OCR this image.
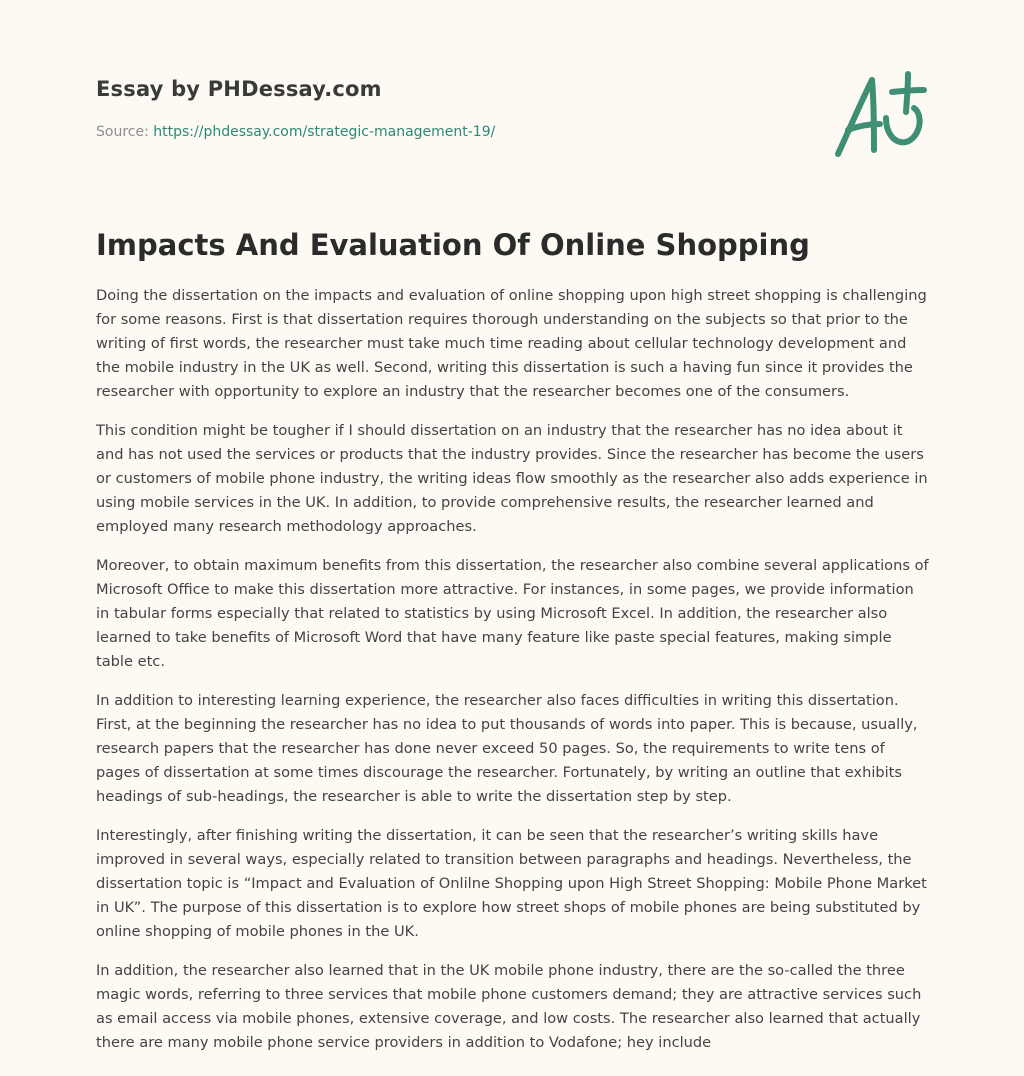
Essay by PHDessay.com
Source: https://phdessay.com/strategic-management-19/
Impacts And Evaluation Of Online Shopping

Doing the dissertation on the impacts and evaluation of online shopping upon high street shopping is challenging for some reasons. First is that dissertation requires thorough understanding on the subjects so that prior to the writing of first words, the researcher must take much time reading about cellular technology development and the mobile industry in the UK as well. Second, writing this dissertation is such a having fun since it provides the researcher with opportunity to explore an industry that the researcher becomes one of the consumers.

This condition might be tougher if I should dissertation on an industry that the researcher has no idea about it and has not used the services or products that the industry provides. Since the researcher has become the users or customers of mobile phone industry, the writing ideas flow smoothly as the researcher also adds experience in using mobile services in the UK. In addition, to provide comprehensive results, the researcher learned and employed many research methodology approaches.

Moreover, to obtain maximum benefits from this dissertation, the researcher also combine several applications of Microsoft Office to make this dissertation more attractive. For instances, in some pages, we provide information in tabular forms especially that related to statistics by using Microsoft Excel. In addition, the researcher also learned to take benefits of Microsoft Word that have many feature like paste special features, making simple table etc.

In addition to interesting learning experience, the researcher also faces difficulties in writing this dissertation. First, at the beginning the researcher has no idea to put thousands of words into paper. This is because, usually, research papers that the researcher has done never exceed 50 pages. So, the requirements to write tens of pages of dissertation at some times discourage the researcher. Fortunately, by writing an outline that exhibits headings of sub-headings, the researcher is able to write the dissertation step by step.

Interestingly, after finishing writing the dissertation, it can be seen that the researcher’s writing skills have improved in several ways, especially related to transition between paragraphs and headings. Nevertheless, the dissertation topic is “Impact and Evaluation of Onlilne Shopping upon High Street Shopping: Mobile Phone Market in UK”. The purpose of this dissertation is to explore how street shops of mobile phones are being substituted by online shopping of mobile phones in the UK.

In addition, the researcher also learned that in the UK mobile phone industry, there are the so-called the three magic words, referring to three services that mobile phone customers demand; they are attractive services such as email access via mobile phones, extensive coverage, and low costs. The researcher also learned that actually there are many mobile phone service providers in addition to Vodafone; hey include
